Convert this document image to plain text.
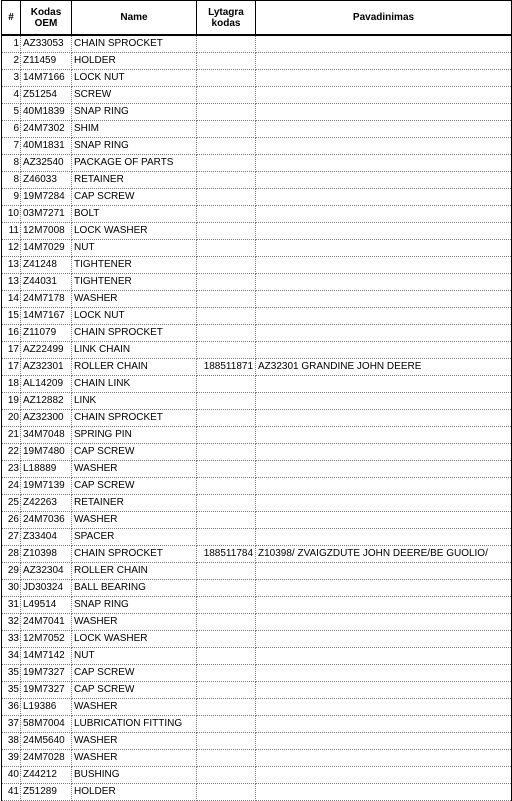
#	Kodas OEM	Name	Lytagra kodas	Pavadinimas
1	AZ33053	CHAIN SPROCKET		
2	Z11459	HOLDER		
3	14M7166	LOCK NUT		
4	Z51254	SCREW		
5	40M1839	SNAP RING		
6	24M7302	SHIM		
7	40M1831	SNAP RING		
8	AZ32540	PACKAGE OF PARTS		
8	Z46033	RETAINER		
9	19M7284	CAP SCREW		
10	03M7271	BOLT		
11	12M7008	LOCK WASHER		
12	14M7029	NUT		
13	Z41248	TIGHTENER		
13	Z44031	TIGHTENER		
14	24M7178	WASHER		
15	14M7167	LOCK NUT		
16	Z11079	CHAIN SPROCKET		
17	AZ22499	LINK CHAIN		
17	AZ32301	ROLLER CHAIN	188511871	AZ32301 GRANDINE JOHN DEERE
18	AL14209	CHAIN LINK		
19	AZ12882	LINK		
20	AZ32300	CHAIN SPROCKET		
21	34M7048	SPRING PIN		
22	19M7480	CAP SCREW		
23	L18889	WASHER		
24	19M7139	CAP SCREW		
25	Z42263	RETAINER		
26	24M7036	WASHER		
27	Z33404	SPACER		
28	Z10398	CHAIN SPROCKET	188511784	Z10398/ ZVAIGZDUTE JOHN DEERE/BE GUOLIO/
29	AZ32304	ROLLER CHAIN		
30	JD30324	BALL BEARING		
31	L49514	SNAP RING		
32	24M7041	WASHER		
33	12M7052	LOCK WASHER		
34	14M7142	NUT		
35	19M7327	CAP SCREW		
35	19M7327	CAP SCREW		
36	L19386	WASHER		
37	58M7004	LUBRICATION FITTING		
38	24M5640	WASHER		
39	24M7028	WASHER		
40	Z44212	BUSHING		
41	Z51289	HOLDER		
